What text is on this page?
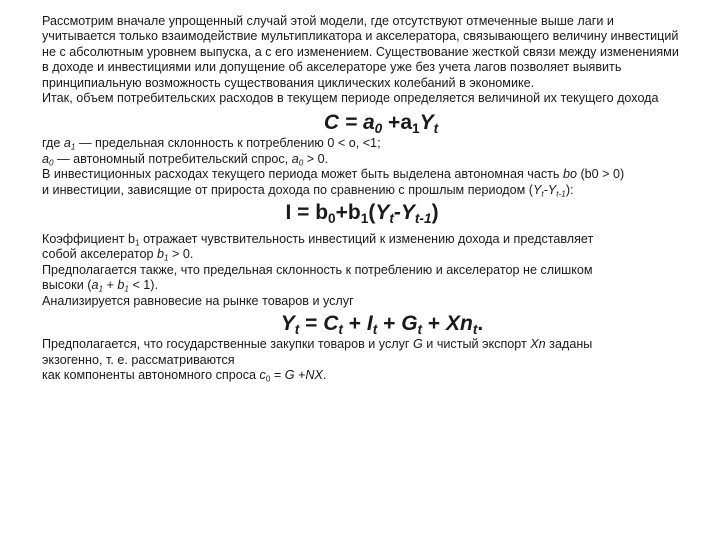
Рассмотрим вначале упрощенный случай этой модели, где отсутствуют отмеченные выше лаги и учитывается только взаимодействие мультипликатора и акселератора, связывающего величину инвестиций не с абсолютным уровнем выпуска, а с его изменением. Существование жесткой связи между изменениями в доходе и инвестициями или допущение об акселераторе уже без учета лагов позволяет выявить принципиальную возможность существования циклических колебаний в экономике.

Итак, объем потребительских расходов в текущем периоде определяется величиной их текущего дохода

$C = a_0 +a_1Y_t$

где $a_1$ — предельная склонность к потреблению 0 < о, <1;

$a_0$ — автономный потребительский спрос, $a_0 > 0$.

В инвестиционных расходах текущего периода может быть выделена автономная часть bo (b0 > 0)

и инвестиции, зависящие от прироста дохода по сравнению с прошлым периодом $(Y_t-Y_{t-1})$:

$I = b_0+b_1(Y_t-Y_{t-1})$

Коэффициент $b_1$ отражает чувствительность инвестиций к изменению дохода и представляет

собой акселератор $b_1 > 0$.

Предполагается также, что предельная склонность к потреблению и акселератор не слишком

высоки $(a_1 + b_1 < 1)$.

Анализируется равновесие на рынке товаров и услуг

$Y_t = C_t + I_t + G_t + Xn_t$.

Предполагается, что государственные закупки товаров и услуг G и чистый экспорт Xn заданы

экзогенно, т. е. рассматриваются

как компоненты автономного спроса $c_0 = G +NX$.
